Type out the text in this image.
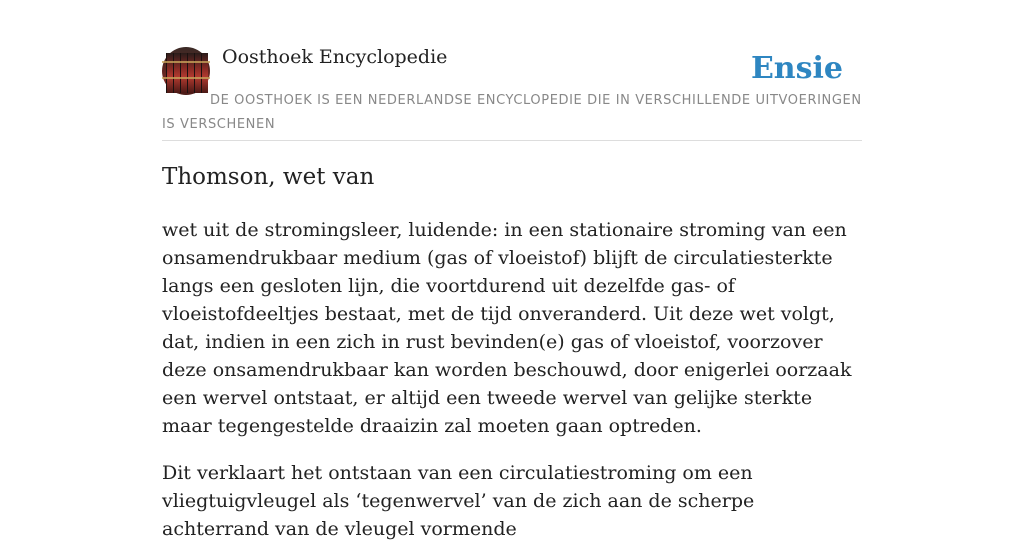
Oosthoek Encyclopedie	Ensie
DE OOSTHOEK IS EEN NEDERLANDSE ENCYCLOPEDIE DIE IN VERSCHILLENDE UITVOERINGEN IS VERSCHENEN
Thomson, wet van

wet uit de stromingsleer, luidende: in een stationaire stroming van een onsamendrukbaar medium (gas of vloeistof) blijft de circulatiesterkte langs een gesloten lijn, die voortdurend uit dezelfde gas- of vloeistofdeeltjes bestaat, met de tijd onveranderd. Uit deze wet volgt, dat, indien in een zich in rust bevinden(e) gas of vloeistof, voorzover deze onsamendrukbaar kan worden beschouwd, door enigerlei oorzaak een wervel ontstaat, er altijd een tweede wervel van gelijke sterkte maar tegengestelde draaizin zal moeten gaan optreden.

Dit verklaart het ontstaan van een circulatiestroming om een vliegtuigvleugel als ‘tegenwervel’ van de zich aan de scherpe achterrand van de vleugel vormende
